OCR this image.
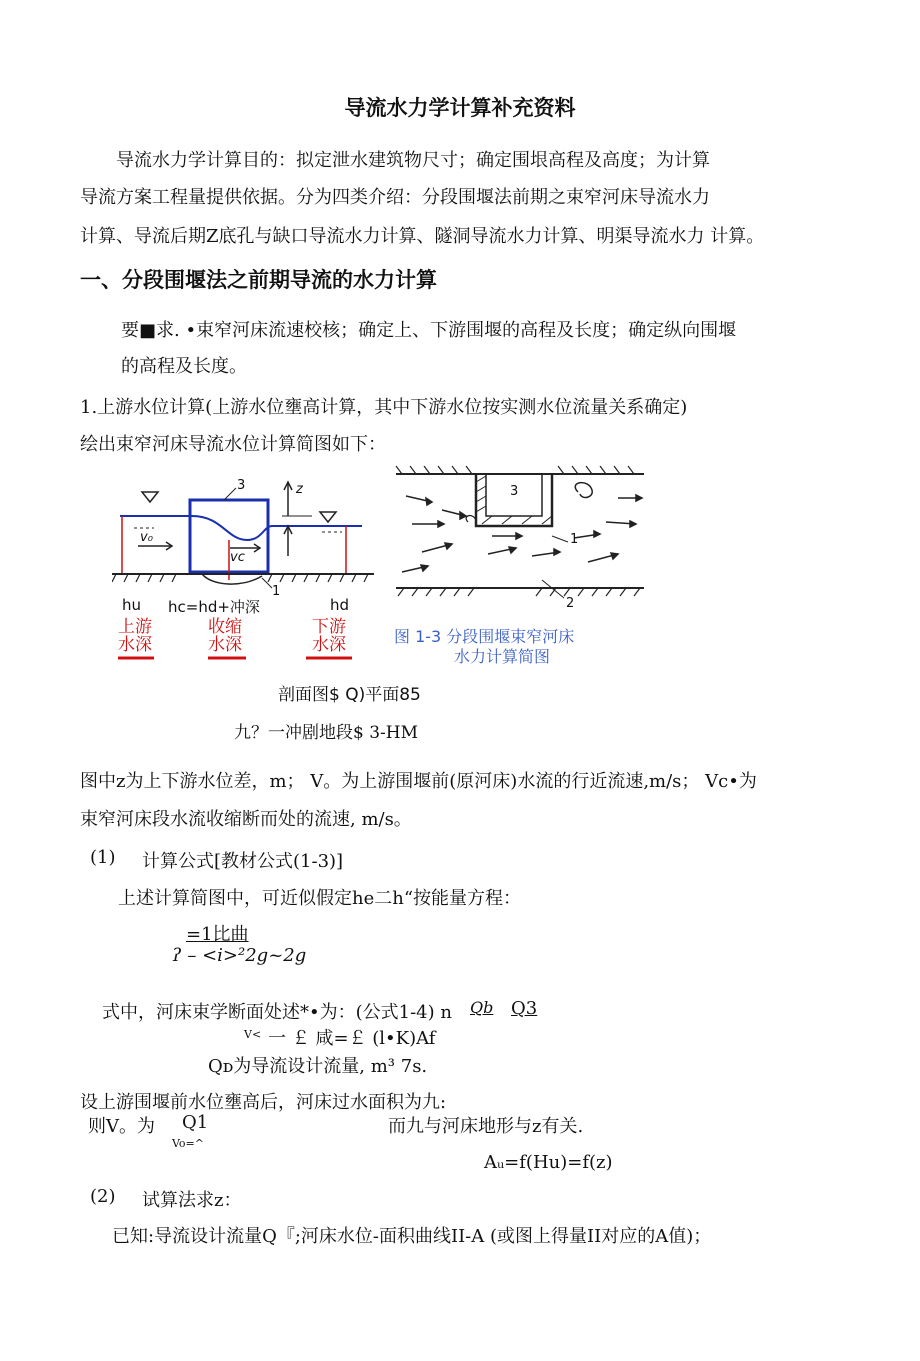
导流水力学计算补充资料
导流水力学计算目的：拟定泄水建筑物尺寸；确定围垠高程及高度；为计算
导流方案工程量提供依据。分为四类介绍：分段围堰法前期之束窄河床导流水力
计算、导流后期Z底孔与缺口导流水力计算、隧洞导流水力计算、明渠导流水力 计算。
一、分段围堰法之前期导流的水力计算
要■求. •束窄河床流速校核；确定上、下游围堰的高程及长度；确定纵向围堰
的高程及长度。
1.上游水位计算(上游水位壅高计算，其中下游水位按实测水位流量关系确定)
绘出束窄河床导流水位计算简图如下：
3	z
v₀
vc
1
hu hc=hd+冲深	hd
上游
水深
收缩
水深
下游
水深
3
1
2
图 1-3 分段围堰束窄河床
水力计算简图
剖面图$ Q)平面85
九？一冲剧地段$ 3-HM
图中z为上下游水位差，m； V。为上游围堰前(原河床)水流的行近流速,m/s； Vc•为
束窄河床段水流收缩断而处的流速, m/s。
(1) 计算公式[教材公式(1-3)]
上述计算简图中，可近似假定he二h“按能量方程：
=1比曲
ʔ – <i>²2g~2g
式中，河床束学断面处述*•为：(公式1-4) n Qb Q3
V< 一 ￡ 咸=￡ (l•K)Af
Qᴅ为导流设计流量, m³ 7s.
设上游围堰前水位壅高后，河床过水面积为九:
则V。为 Q1
Vo=^
而九与河床地形与z有关.
Aᵤ=f(Hu)=f(z)
(2) 试算法求z：
已知:导流设计流量Q『;河床水位-面积曲线II-A (或图上得量II对应的A值)；
